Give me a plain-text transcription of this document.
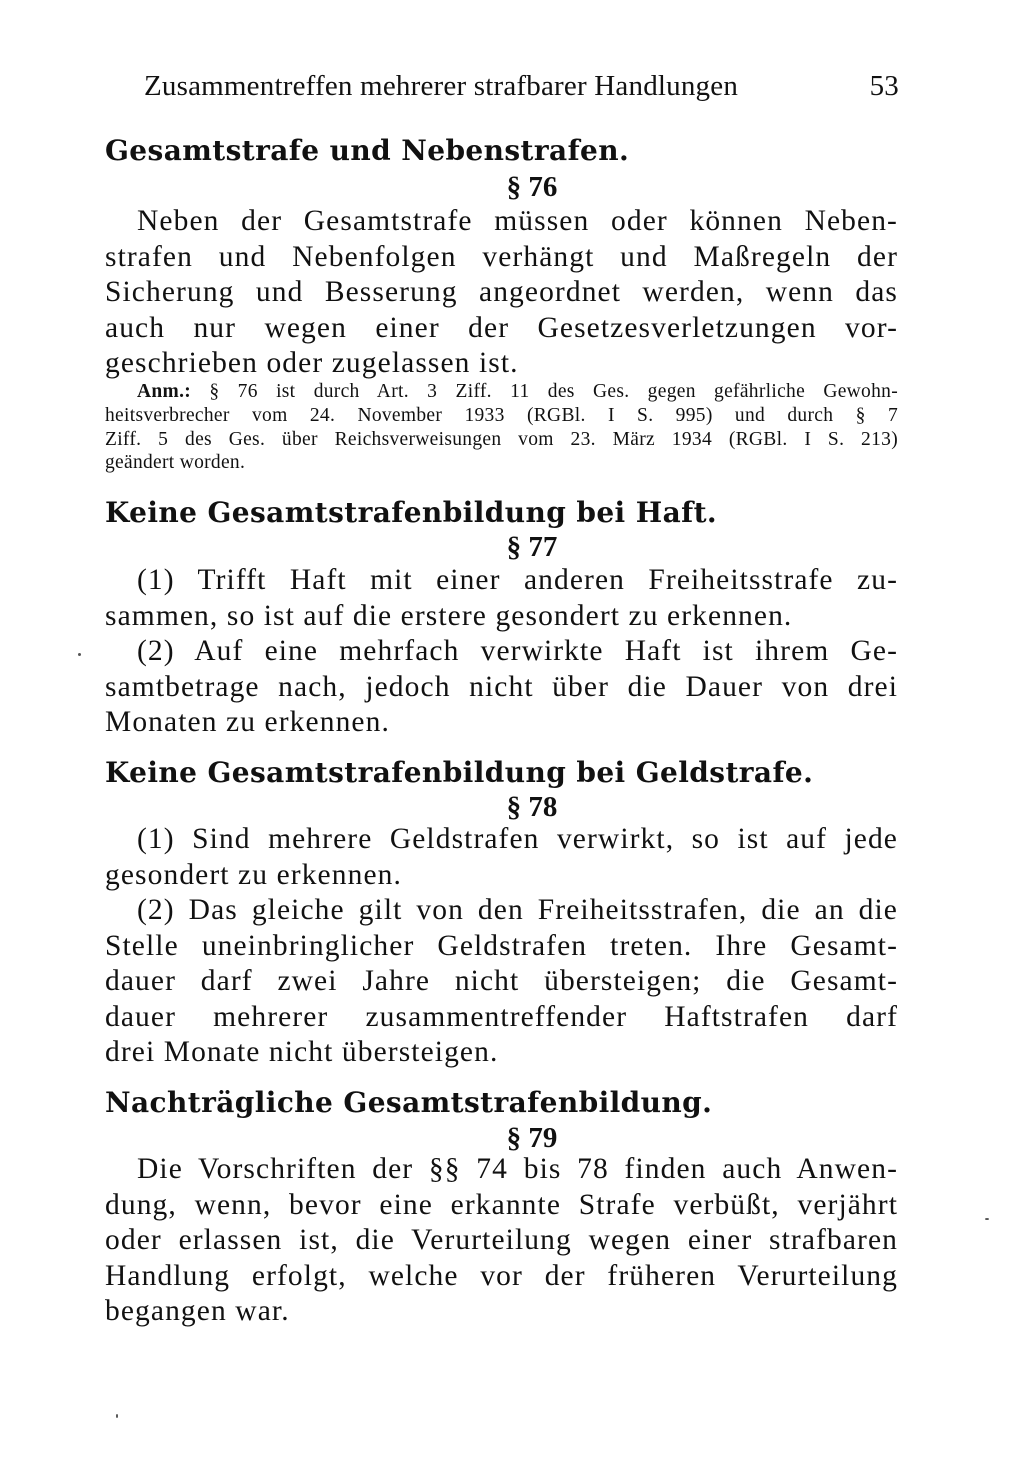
Zusammentreffen mehrerer strafbarer Handlungen	53
Gesamtstrafe und Nebenstrafen.
§ 76
Neben der Gesamtstrafe müssen oder können Neben-
strafen und Nebenfolgen verhängt und Maßregeln der
Sicherung und Besserung angeordnet werden, wenn das
auch nur wegen einer der Gesetzesverletzungen vor-
geschrieben oder zugelassen ist.
Anm.: § 76 ist durch Art. 3 Ziff. 11 des Ges. gegen gefährliche Gewohn-
heitsverbrecher vom 24. November 1933 (RGBl. I S. 995) und durch § 7
Ziff. 5 des Ges. über Reichsverweisungen vom 23. März 1934 (RGBl. I S. 213)
geändert worden.
Keine Gesamtstrafenbildung bei Haft.
§ 77
(1) Trifft Haft mit einer anderen Freiheitsstrafe zu-
sammen, so ist auf die erstere gesondert zu erkennen.
(2) Auf eine mehrfach verwirkte Haft ist ihrem Ge-
samtbetrage nach, jedoch nicht über die Dauer von drei
Monaten zu erkennen.
Keine Gesamtstrafenbildung bei Geldstrafe.
§ 78
(1) Sind mehrere Geldstrafen verwirkt, so ist auf jede
gesondert zu erkennen.
(2) Das gleiche gilt von den Freiheitsstrafen, die an die
Stelle uneinbringlicher Geldstrafen treten. Ihre Gesamt-
dauer darf zwei Jahre nicht übersteigen; die Gesamt-
dauer mehrerer zusammentreffender Haftstrafen darf
drei Monate nicht übersteigen.
Nachträgliche Gesamtstrafenbildung.
§ 79
Die Vorschriften der §§ 74 bis 78 finden auch Anwen-
dung, wenn, bevor eine erkannte Strafe verbüßt, verjährt
oder erlassen ist, die Verurteilung wegen einer strafbaren
Handlung erfolgt, welche vor der früheren Verurteilung
begangen war.
